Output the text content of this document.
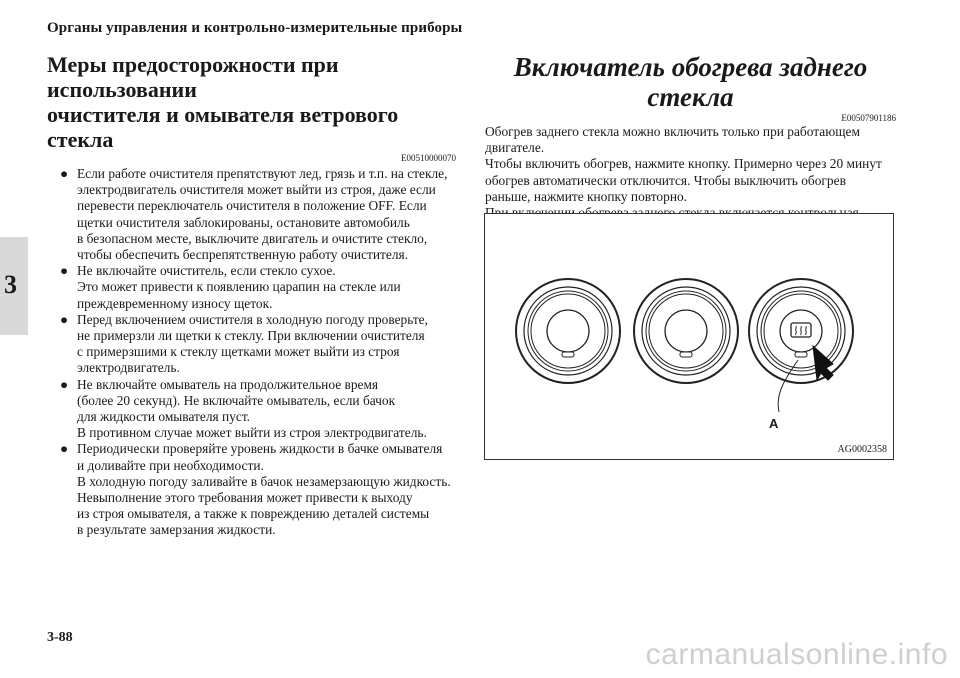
Органы управления и контрольно-измерительные приборы
3
Меры предосторожности при использовании
очистителя и омывателя ветрового стекла
E00510000070
● Если работе очистителя препятствуют лед, грязь и т.п. на стекле,
электродвигатель очистителя может выйти из строя, даже если
перевести переключатель очистителя в положение OFF. Если
щетки очистителя заблокированы, остановите автомобиль
в безопасном месте, выключите двигатель и очистите стекло,
чтобы обеспечить беспрепятственную работу очистителя.
● Не включайте очиститель, если стекло сухое.
Это может привести к появлению царапин на стекле или
преждевременному износу щеток.
● Перед включением очистителя в холодную погоду проверьте,
не примерзли ли щетки к стеклу. При включении очистителя
с примерзшими к стеклу щетками может выйти из строя
электродвигатель.
● Не включайте омыватель на продолжительное время
(более 20 секунд). Не включайте омыватель, если бачок
для жидкости омывателя пуст.
В противном случае может выйти из строя электродвигатель.
● Периодически проверяйте уровень жидкости в бачке омывателя
и доливайте при необходимости.
В холодную погоду заливайте в бачок незамерзающую жидкость.
Невыполнение этого требования может привести к выходу
из строя омывателя, а также к повреждению деталей системы
в результате замерзания жидкости.
Включатель обогрева заднего стекла
E00507901186

Обогрев заднего стекла можно включить только при работающем
двигателе.
Чтобы включить обогрев, нажмите кнопку. Примерно через 20 минут
обогрев автоматически отключится. Чтобы выключить обогрев
раньше, нажмите кнопку повторно.

A
AG0002358
3-88
carmanualsonline.info
